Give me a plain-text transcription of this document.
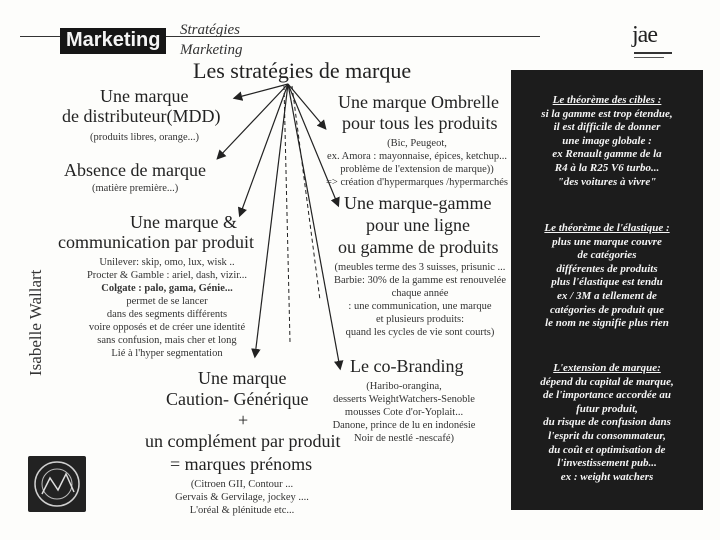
Marketing	Stratégies
Marketing
jae
Isabelle Wallart
Les stratégies de marque
Une marque
de distributeur(MDD)
(produits libres, orange...)
Absence de marque
(matière première...)
Une marque &
communication par produit
Unilever: skip, omo, lux, wisk ..
Procter & Gamble : ariel, dash, vizir...
Colgate : palo, gama, Génie...
permet de se lancer
dans des segments différents
voire opposés et de créer une identité
sans confusion, mais cher et long
Lié à l'hyper segmentation
Une marque Ombrelle
pour tous les produits
(Bic, Peugeot,
ex. Amora : mayonnaise, épices, ketchup...
problème de l'extension de marque))
=> création d'hypermarques /hypermarchés
Une marque-gamme
pour une ligne
ou gamme de produits
(meubles terme des 3 suisses, prisunic ...
Barbie: 30% de la gamme est renouvelée
chaque année
: une communication, une marque
et plusieurs produits:
quand les cycles de vie sont courts)
Le co-Branding
(Haribo-orangina,
desserts WeightWatchers-Senoble
mousses Cote d'or-Yoplait...
Danone, prince de lu en indonésie
Noir de nestlé -nescafé)
Une marque
Caution- Générique
+
un complément par produit
= marques prénoms
(Citroen GII, Contour ...
Gervais & Gervilage, jockey ....
L'oréal & plénitude etc...
Le théorème des cibles :
si la gamme est trop étendue,
il est difficile de donner
une image globale :
ex Renault gamme de la
R4 à la R25 V6 turbo...
"des voitures à vivre"
Le théorème de l'élastique :
plus une marque couvre
de catégories
différentes de produits
plus l'élastique est tendu
ex / 3M a tellement de
catégories de produit que
le nom ne signifie plus rien
L'extension de marque:
dépend du capital de marque,
de l'importance accordée au
futur produit,
du risque de confusion dans
l'esprit du consommateur,
du coût et optimisation de
l'investissement pub...
ex : weight watchers
